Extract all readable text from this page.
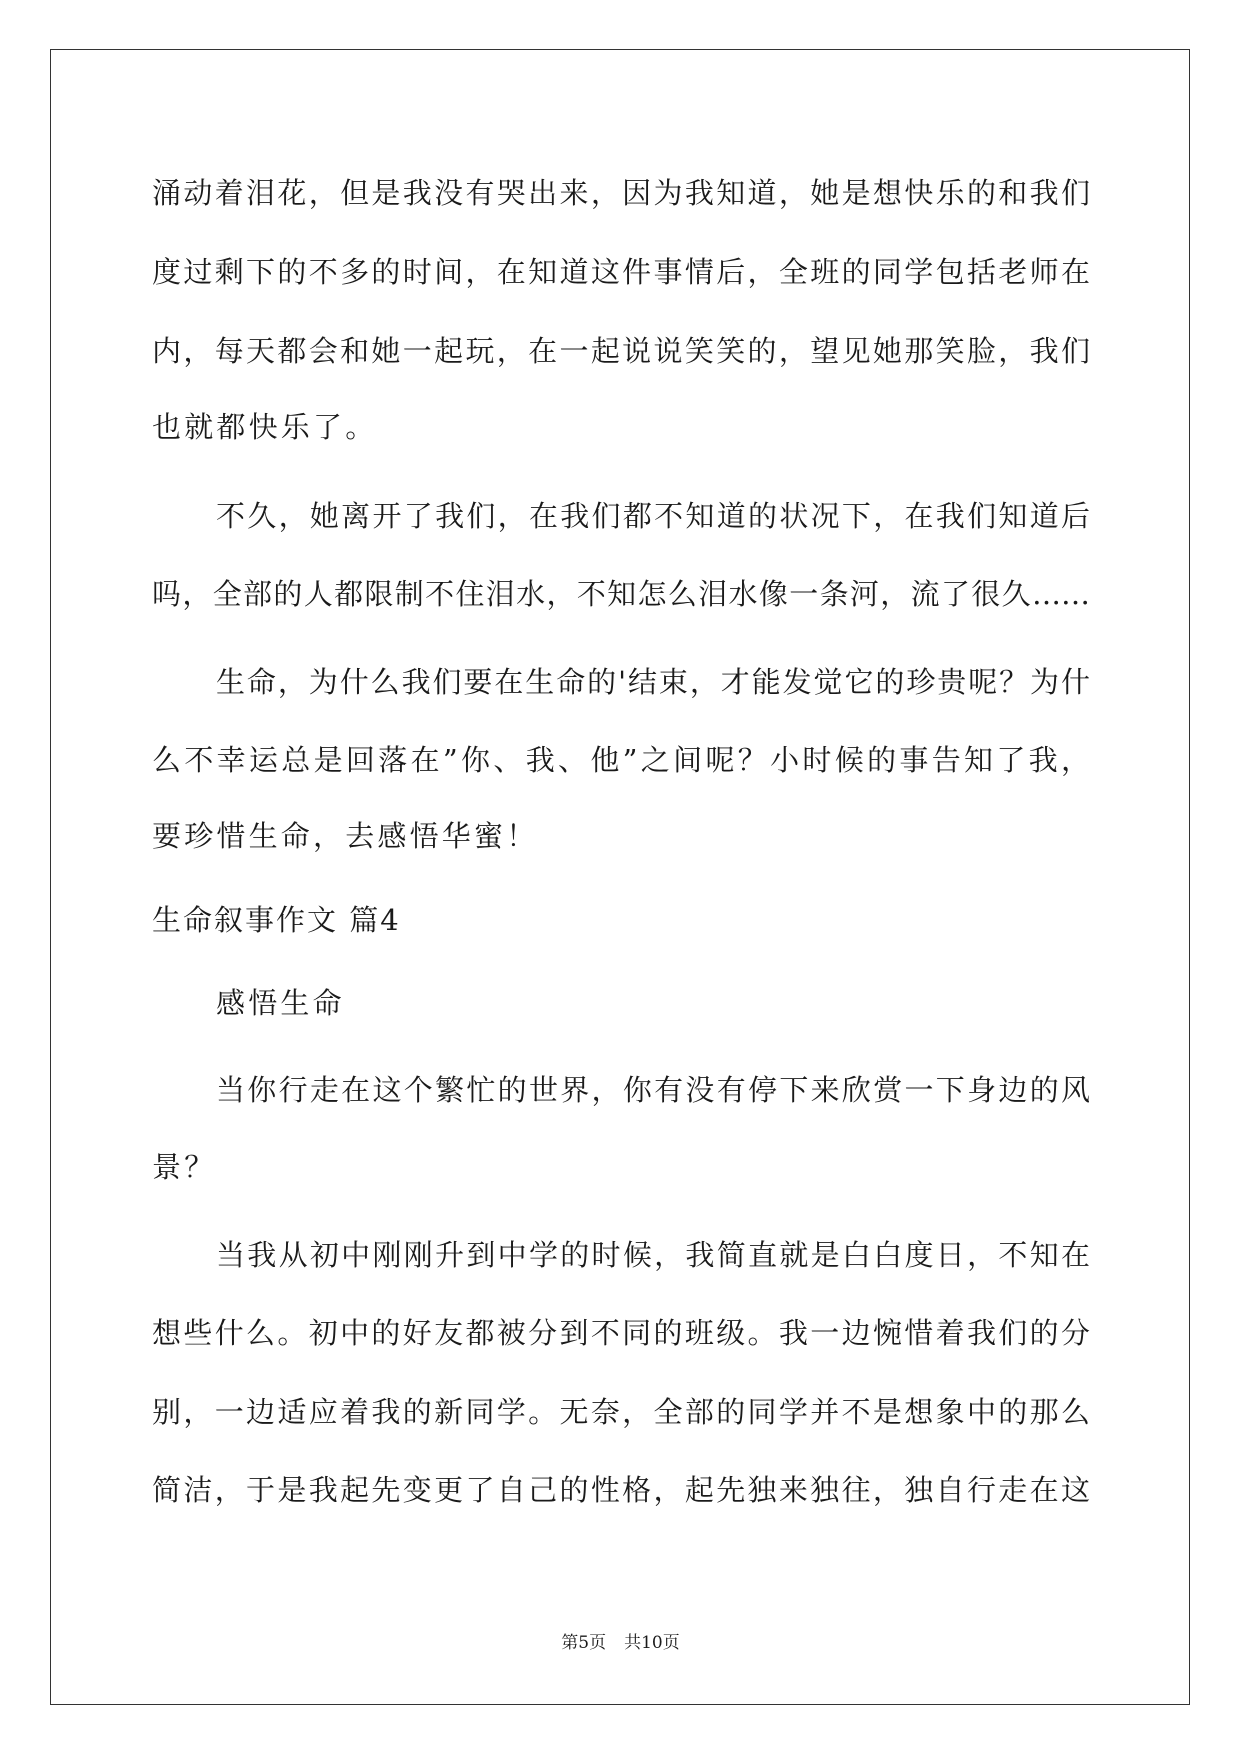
涌动着泪花，但是我没有哭出来，因为我知道，她是想快乐的和我们
度过剩下的不多的时间，在知道这件事情后，全班的同学包括老师在
内，每天都会和她一起玩，在一起说说笑笑的，望见她那笑脸，我们
也就都快乐了。
不久，她离开了我们，在我们都不知道的状况下，在我们知道后
吗，全部的人都限制不住泪水，不知怎么泪水像一条河，流了很久……
生命，为什么我们要在生命的'结束，才能发觉它的珍贵呢？为什
么不幸运总是回落在”你、我、他”之间呢？小时候的事告知了我，
要珍惜生命，去感悟华蜜！
生命叙事作文 篇4
感悟生命
当你行走在这个繁忙的世界，你有没有停下来欣赏一下身边的风
景？
当我从初中刚刚升到中学的时候，我简直就是白白度日，不知在
想些什么。初中的好友都被分到不同的班级。我一边惋惜着我们的分
别，一边适应着我的新同学。无奈，全部的同学并不是想象中的那么
简洁，于是我起先变更了自己的性格，起先独来独往，独自行走在这
第5页 共10页
